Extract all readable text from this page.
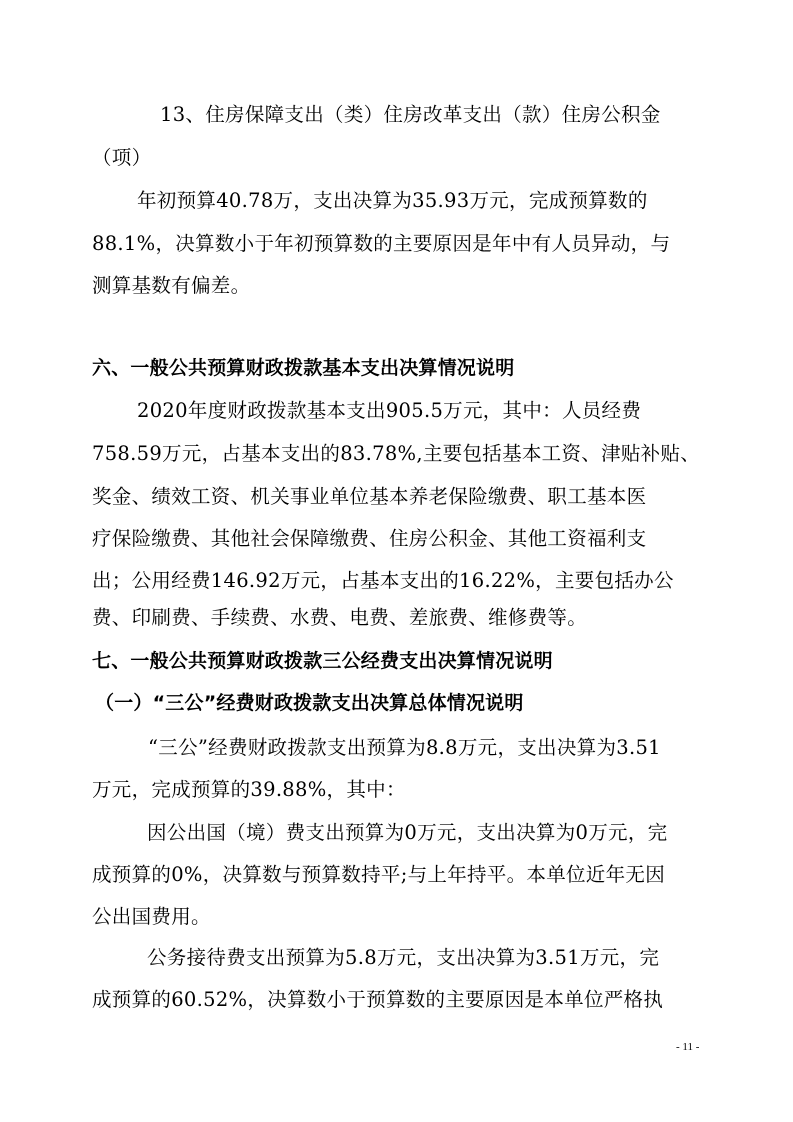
13、住房保障支出（类）住房改革支出（款）住房公积金
（项）
年初预算40.78万，支出决算为35.93万元，完成预算数的
88.1%，决算数小于年初预算数的主要原因是年中有人员异动，与
测算基数有偏差。
六、一般公共预算财政拨款基本支出决算情况说明
2020年度财政拨款基本支出905.5万元，其中：人员经费
758.59万元，占基本支出的83.78%,主要包括基本工资、津贴补贴、
奖金、绩效工资、机关事业单位基本养老保险缴费、职工基本医
疗保险缴费、其他社会保障缴费、住房公积金、其他工资福利支
出；公用经费146.92万元，占基本支出的16.22%，主要包括办公
费、印刷费、手续费、水费、电费、差旅费、维修费等。
七、一般公共预算财政拨款三公经费支出决算情况说明
（一）“三公”经费财政拨款支出决算总体情况说明
“三公”经费财政拨款支出预算为8.8万元，支出决算为3.51
万元，完成预算的39.88%，其中：
因公出国（境）费支出预算为0万元，支出决算为0万元，完
成预算的0%，决算数与预算数持平;与上年持平。本单位近年无因
公出国费用。
公务接待费支出预算为5.8万元，支出决算为3.51万元，完
成预算的60.52%，决算数小于预算数的主要原因是本单位严格执
- 11 -
